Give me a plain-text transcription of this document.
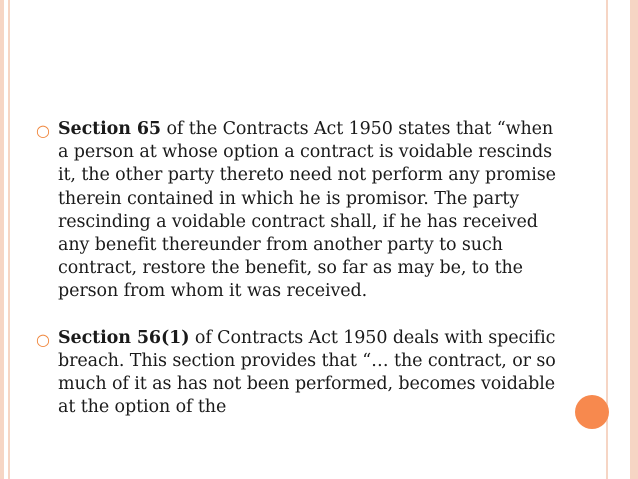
○ Section 65 of the Contracts Act 1950 states that “when a person at whose option a contract is voidable rescinds it, the other party thereto need not perform any promise therein contained in which he is promisor. The party rescinding a voidable contract shall, if he has received any benefit thereunder from another party to such contract, restore the benefit, so far as may be, to the person from whom it was received.

○ Section 56(1) of Contracts Act 1950 deals with specific breach. This section provides that “… the contract, or so much of it as has not been performed, becomes voidable at the option of the
